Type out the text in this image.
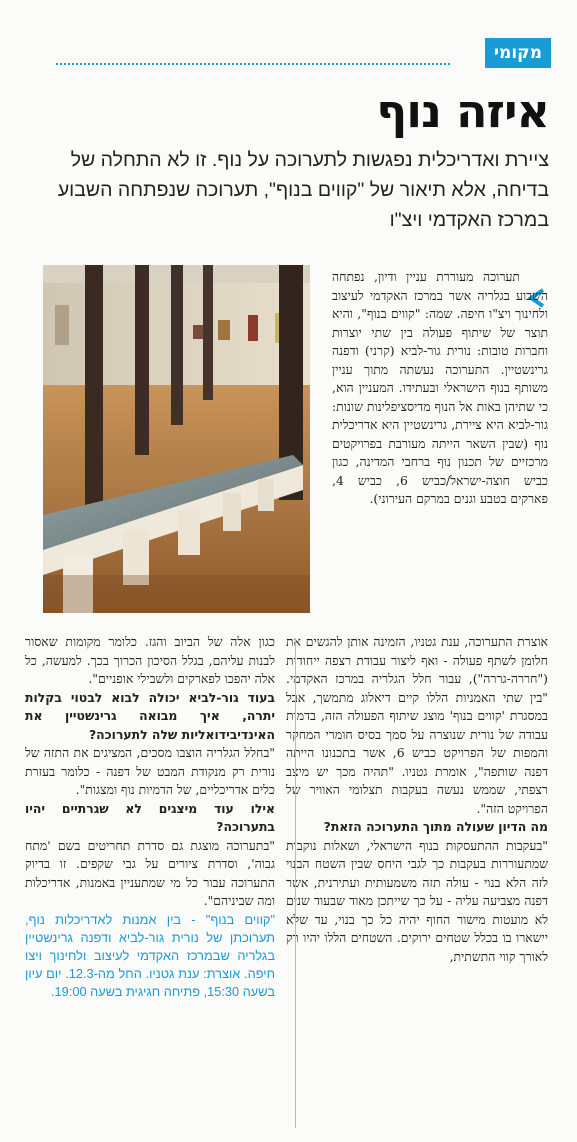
מקומי
איזה נוף
ציירת ואדריכלית נפגשות לתערוכה על נוף. זו לא התחלה של בדיחה, אלא תיאור של "קווים בנוף", תערוכה שנפתחה השבוע במרכז האקדמי ויצ"ו

תערוכה מעוררת עניין ודיון, נפתחה השבוע בגלריה אשר במרכז האקדמי לעיצוב ולחינוך ויצ"ו חיפה. שמה: "קווים בנוף", והיא תוצר של שיתוף פעולה בין שתי יוצרות וחברות טובות: נורית גור-לביא (קרני) ודפנה גרינשטיין. התערוכה נעשתה מתוך עניין משותף בנוף הישראלי ובעתידו. המעניין הוא, כי שתיהן באות אל הנוף מדיסציפלינות שונות: גור-לביא היא ציירת, גרינשטיין היא אדריכלית נוף (שבין השאר הייתה מעורבת בפרויקטים מרכזיים של תכנון נוף ברחבי המדינה, כגון כביש חוצה-ישראל/כביש 6, כביש 4, פארקים בטבע וגנים במרקם העירוני).

אוצרת התערוכה, ענת גטניו, הזמינה אותן להגשים את חלומן לשתף פעולה - ואף ליצור עבודת רצפה ייחודית ("חררה-גררה"), עבור חלל הגלריה במרכז האקדמי. "בין שתי האמניות הללו קיים דיאלוג מתמשך, אבל במסגרת 'קווים בנוף' מוצג שיתוף הפעולה הזה, בדמות עבודה של נורית שנוצרה על סמך בסיס חומרי המחקר והמפות של הפרויקט כביש 6, אשר בתכנונו הייתה דפנה שותפה", אומרת גטניו. "תהיה מכך יש מיצב רצפתי, שממש נעשה בעקבות תצלומי האוויר של הפרויקט הזה".

מה הדיון שעולה מתוך התערוכה הזאת?

"בעקבות ההתעסקות בנוף הישראלי, ושאלות נוקבות שמתעוררות בעקבות כך לגבי היחס שבין השטח הבנוי לזה הלא בנוי - עולה תזה משמעותית ועתירנית, אשר דפנה מצביעה עליה - על כך שייתכן מאוד שבעוד שנים לא מועטות מישור החוף יהיה כל כך בנוי, עד שלא יישארו בו בכלל שטחים ירוקים. השטחים הללו יהיו רק לאורך קווי התשתית,

כגון אלה של הביוב והגז. כלומר מקומות שאסור לבנות עליהם, בגלל הסיכון הכרוך בכך. למעשה, כל אלה יהפכו לפארקים ולשבילי אופניים".

בעוד גור-לביא יכולה לבוא לבטוי בקלות יתרה, איך מבואה גרינשטיין את האינדיבידואליות שלה לתערוכה?

"בחלל הגלריה הוצבו מסכים, המציגים את התזה של נורית רק מנקודת המבט של דפנה - כלומר בעזרת כלים אדריכליים, של הדמיות נוף ומצגות".

אילו עוד מיצגים לא שגרתיים יהיו בתערוכה?

"בתערוכה מוצגת גם סדרת תחריטים בשם 'מתח גבוה', וסדרת ציורים על גבי שקפים. זו בדיוק התערוכה עבור כל מי שמתעניין באמנות, אדריכלות ומה שביניהם".

"קווים בנוף" - בין אמנות לאדריכלות נוף, תערוכתן של נורית גור-לביא ודפנה גרינשטיין בגלריה שבמרכז האקדמי לעיצוב ולחינוך ויצו חיפה. אוצרת: ענת גטניו. החל מה-12.3. יום עיון בשעה 15:30, פתיחה חגיגית בשעה 19:00.
